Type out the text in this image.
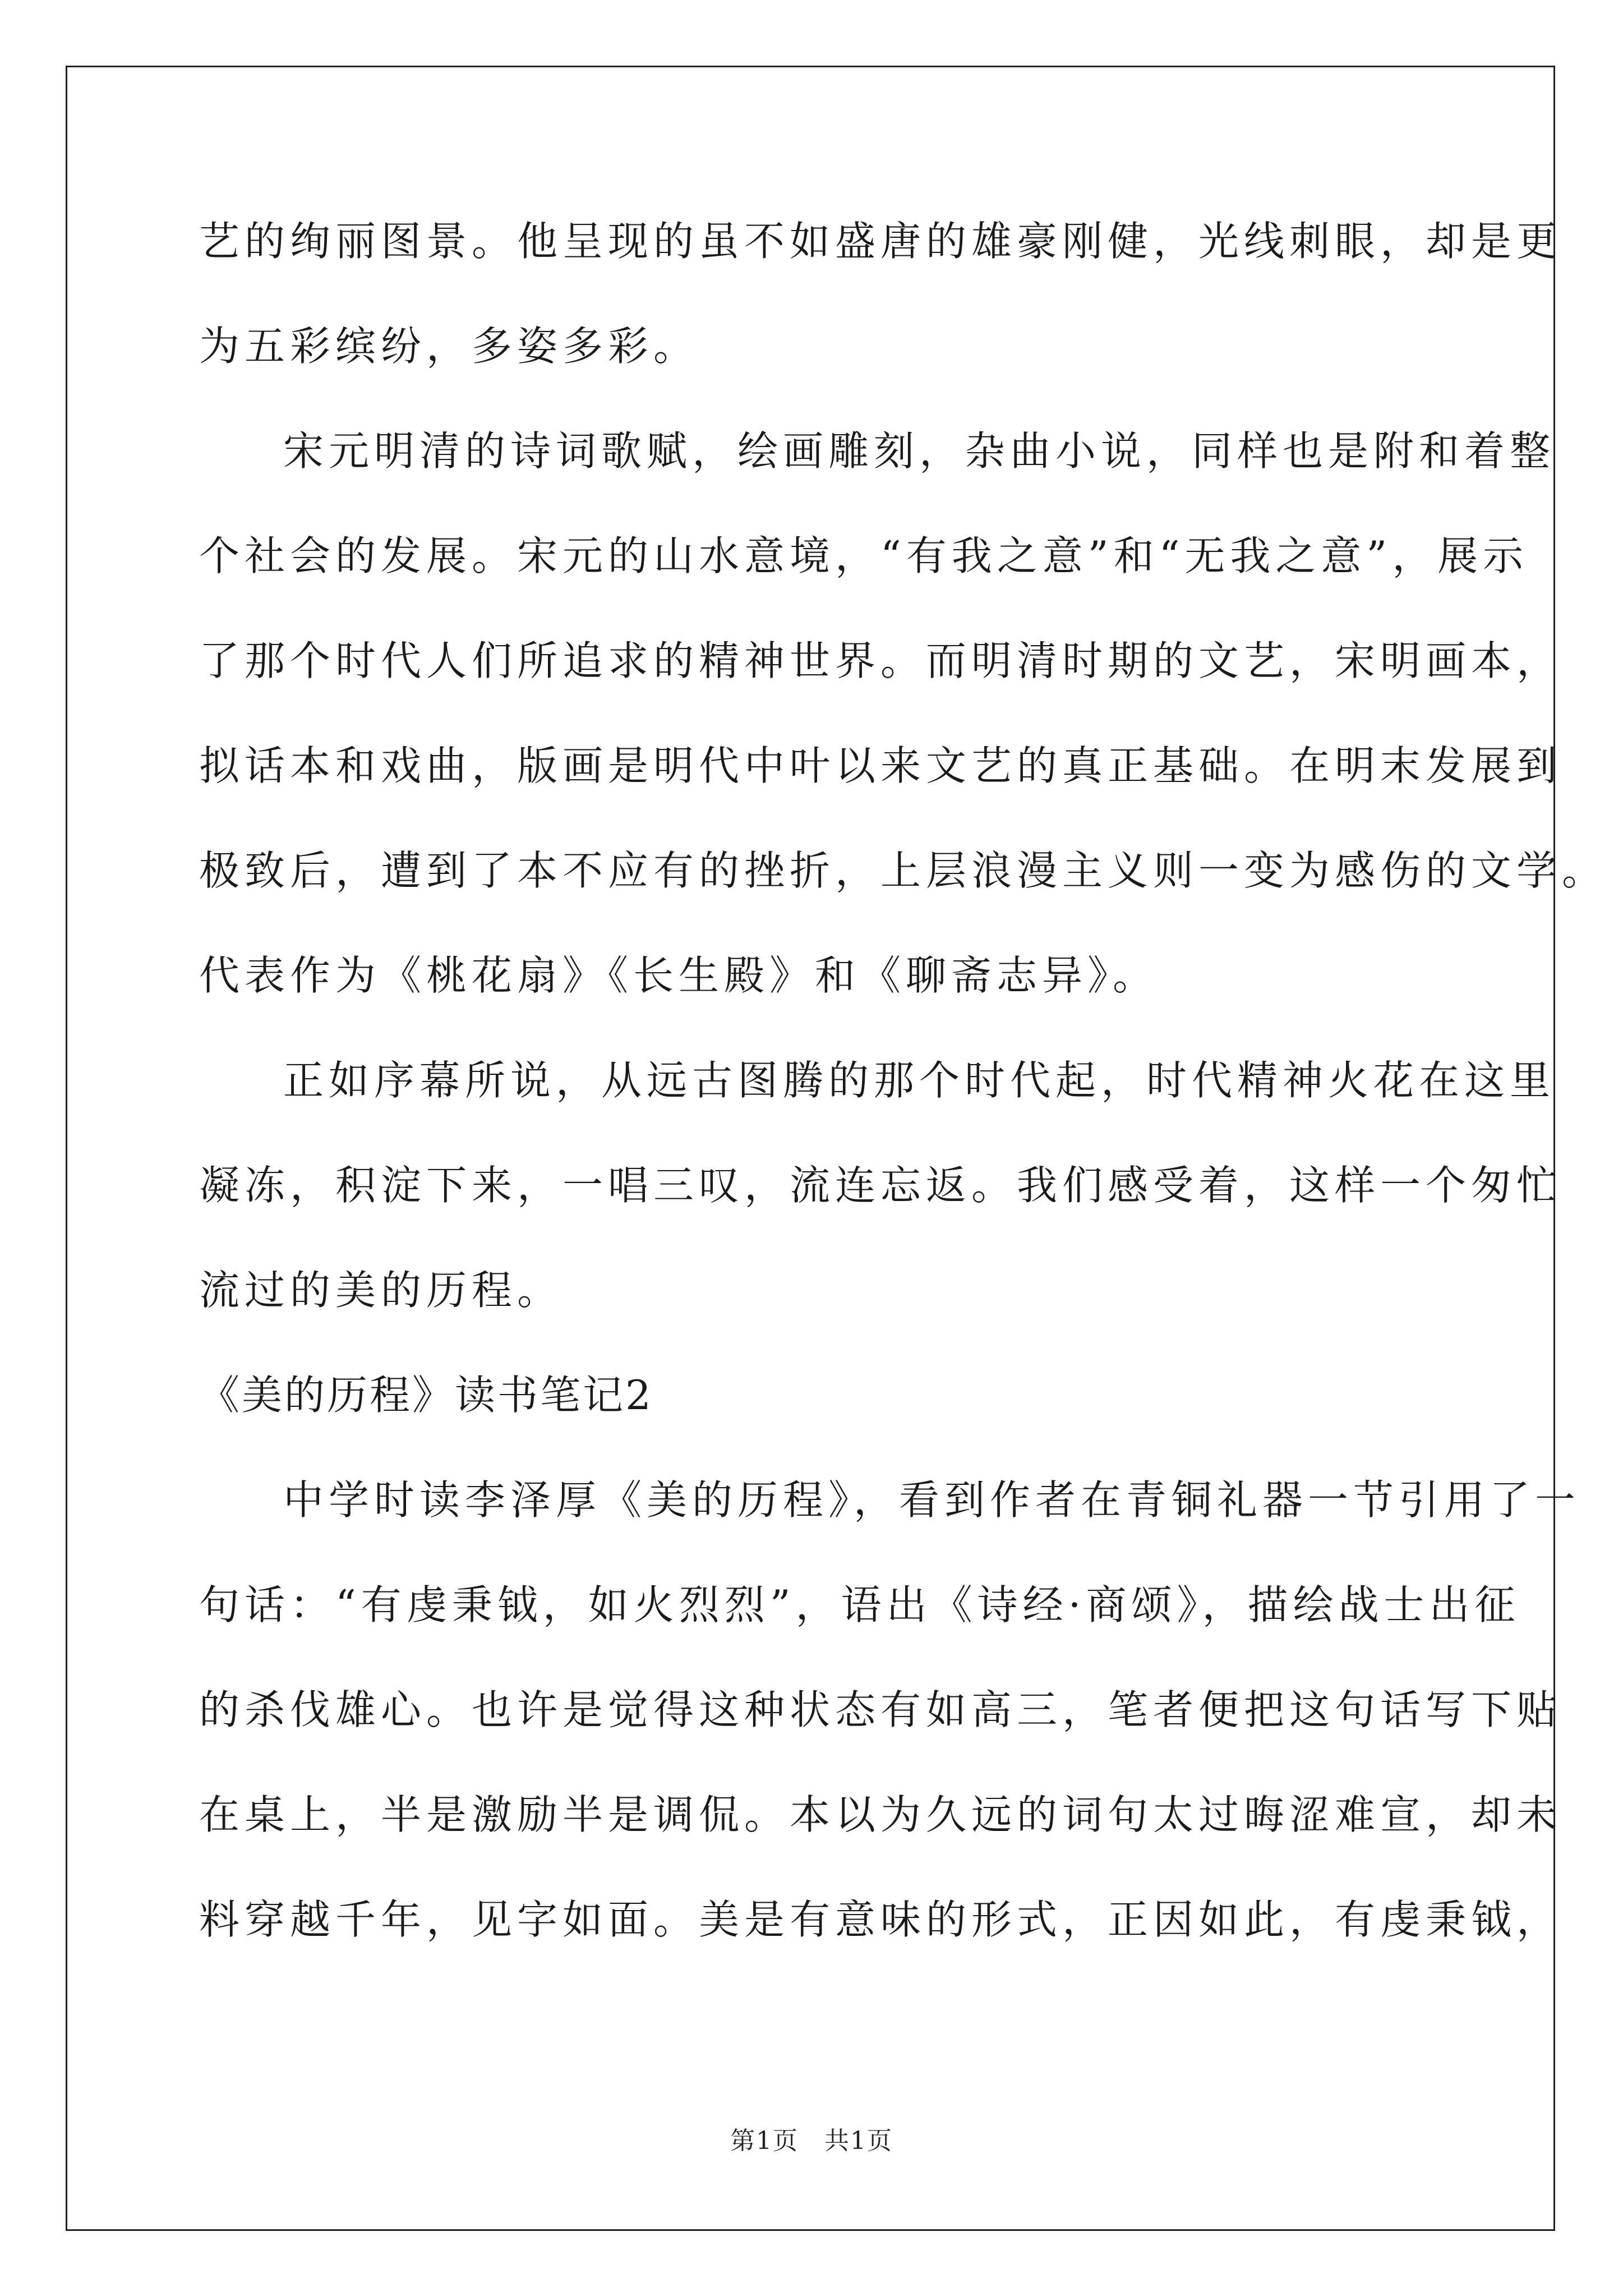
艺的绚丽图景。他呈现的虽不如盛唐的雄豪刚健，光线刺眼，却是更
为五彩缤纷，多姿多彩。
宋元明清的诗词歌赋，绘画雕刻，杂曲小说，同样也是附和着整
个社会的发展。宋元的山水意境，“有我之意”和“无我之意”，展示
了那个时代人们所追求的精神世界。而明清时期的文艺，宋明画本，
拟话本和戏曲，版画是明代中叶以来文艺的真正基础。在明末发展到
极致后，遭到了本不应有的挫折，上层浪漫主义则一变为感伤的文学。
代表作为《桃花扇》《长生殿》和《聊斋志异》。
正如序幕所说，从远古图腾的那个时代起，时代精神火花在这里
凝冻，积淀下来，一唱三叹，流连忘返。我们感受着，这样一个匆忙
流过的美的历程。
《美的历程》读书笔记2
中学时读李泽厚《美的历程》，看到作者在青铜礼器一节引用了一
句话：“有虔秉钺，如火烈烈”，语出《诗经·商颂》，描绘战士出征
的杀伐雄心。也许是觉得这种状态有如高三，笔者便把这句话写下贴
在桌上，半是激励半是调侃。本以为久远的词句太过晦涩难宣，却未
料穿越千年，见字如面。美是有意味的形式，正因如此，有虔秉钺，
第1页　共1页
